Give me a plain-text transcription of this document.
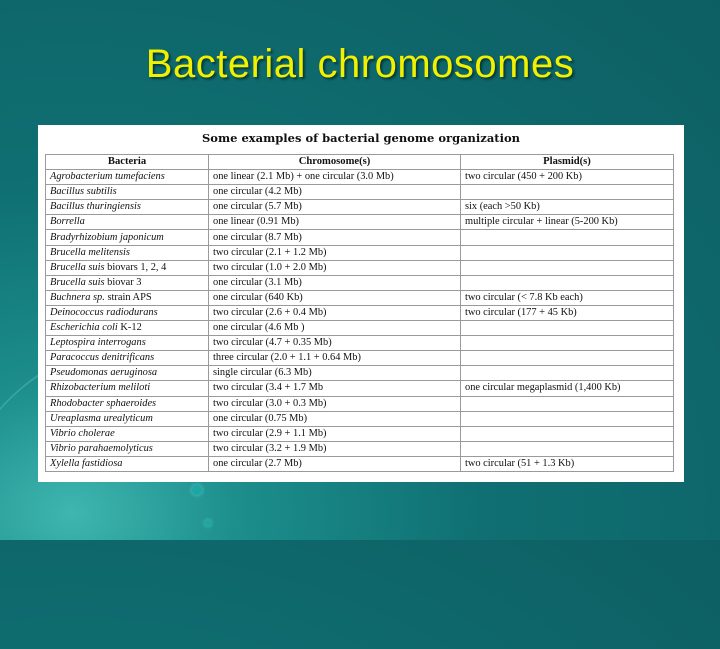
Bacterial chromosomes
Some examples of bacterial genome organization
Bacteria	Chromosome(s)	Plasmid(s)
Agrobacterium tumefaciens	one linear (2.1 Mb) + one circular (3.0 Mb)	two circular (450 + 200 Kb)
Bacillus subtilis	one circular (4.2 Mb)	
Bacillus thuringiensis	one circular (5.7 Mb)	six (each >50 Kb)
Borrella	one linear (0.91 Mb)	multiple circular + linear (5-200 Kb)
Bradyrhizobium japonicum	one circular (8.7 Mb)	
Brucella melitensis	two circular (2.1 + 1.2 Mb)	
Brucella suis biovars 1, 2, 4	two circular (1.0 + 2.0 Mb)	
Brucella suis biovar 3	one circular (3.1 Mb)	
Buchnera sp. strain APS	one circular (640 Kb)	two circular (< 7.8 Kb each)
Deinococcus radiodurans	two circular (2.6 + 0.4 Mb)	two circular (177 + 45 Kb)
Escherichia coli K-12	one circular (4.6 Mb )	
Leptospira interrogans	two circular (4.7 + 0.35 Mb)	
Paracoccus denitrificans	three circular (2.0 + 1.1 + 0.64 Mb)	
Pseudomonas aeruginosa	single circular (6.3 Mb)	
Rhizobacterium meliloti	two circular (3.4 + 1.7 Mb	one circular megaplasmid (1,400 Kb)
Rhodobacter sphaeroides	two circular (3.0 + 0.3 Mb)	
Ureaplasma urealyticum	one circular (0.75 Mb)	
Vibrio cholerae	two circular (2.9 + 1.1 Mb)	
Vibrio parahaemolyticus	two circular (3.2 + 1.9 Mb)	
Xylella fastidiosa	one circular (2.7 Mb)	two circular (51 + 1.3 Kb)
